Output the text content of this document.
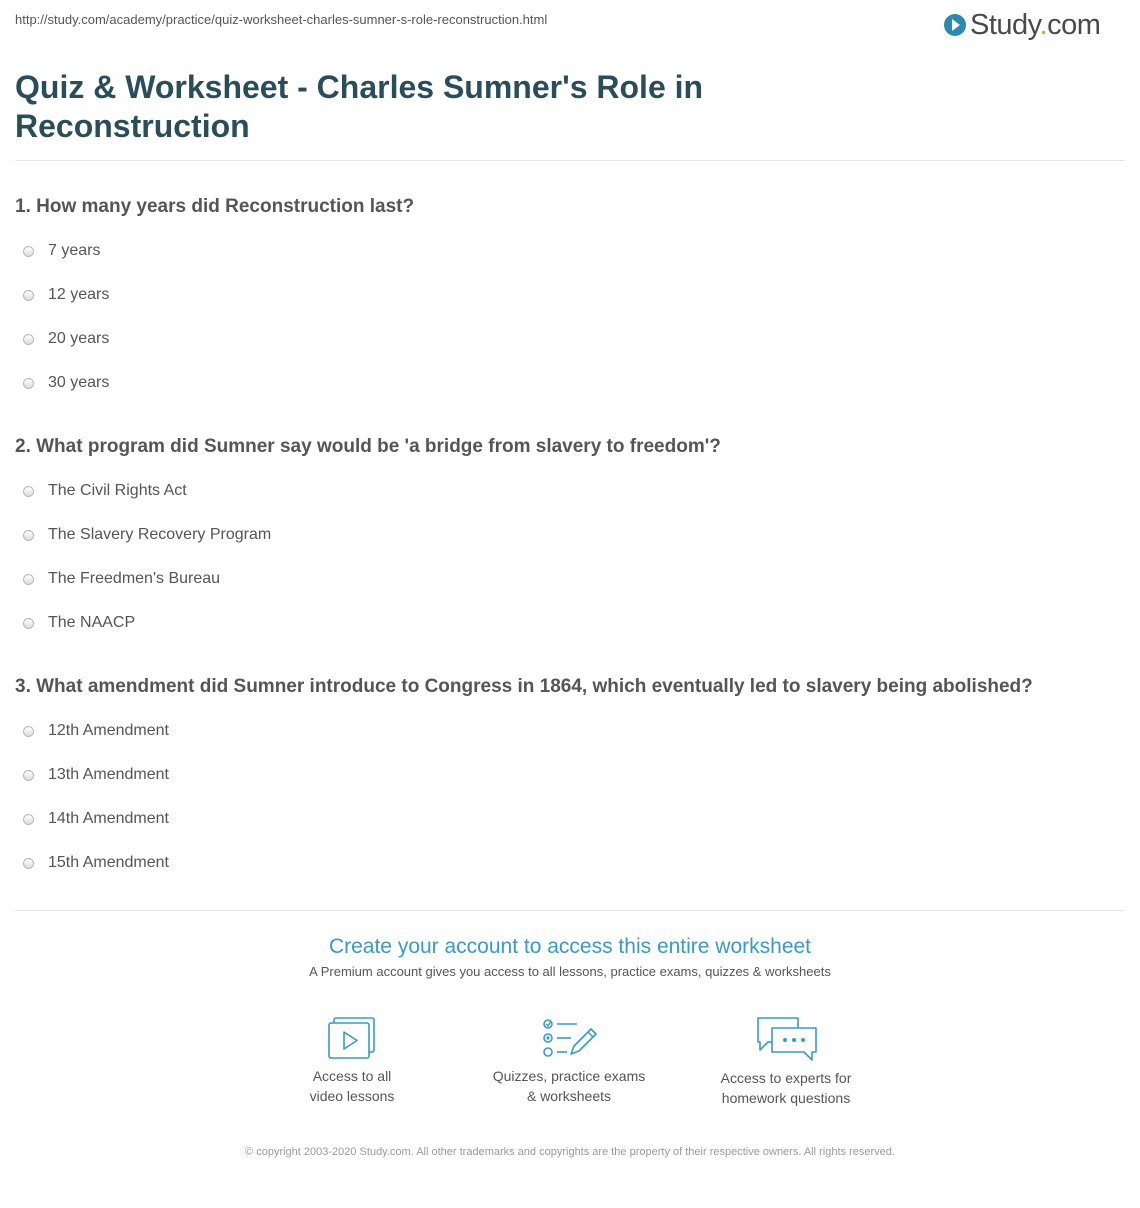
http://study.com/academy/practice/quiz-worksheet-charles-sumner-s-role-reconstruction.html	Study.com
Quiz & Worksheet - Charles Sumner's Role in Reconstruction

1. How many years did Reconstruction last?

7 years
12 years
20 years
30 years

2. What program did Sumner say would be 'a bridge from slavery to freedom'?

The Civil Rights Act
The Slavery Recovery Program
The Freedmen's Bureau
The NAACP

3. What amendment did Sumner introduce to Congress in 1864, which eventually led to slavery being abolished?

12th Amendment
13th Amendment
14th Amendment
15th Amendment

Create your account to access this entire worksheet

A Premium account gives you access to all lessons, practice exams, quizzes & worksheets
Access to all
video lessons
Quizzes, practice exams
& worksheets
Access to experts for
homework questions
© copyright 2003-2020 Study.com. All other trademarks and copyrights are the property of their respective owners. All rights reserved.
